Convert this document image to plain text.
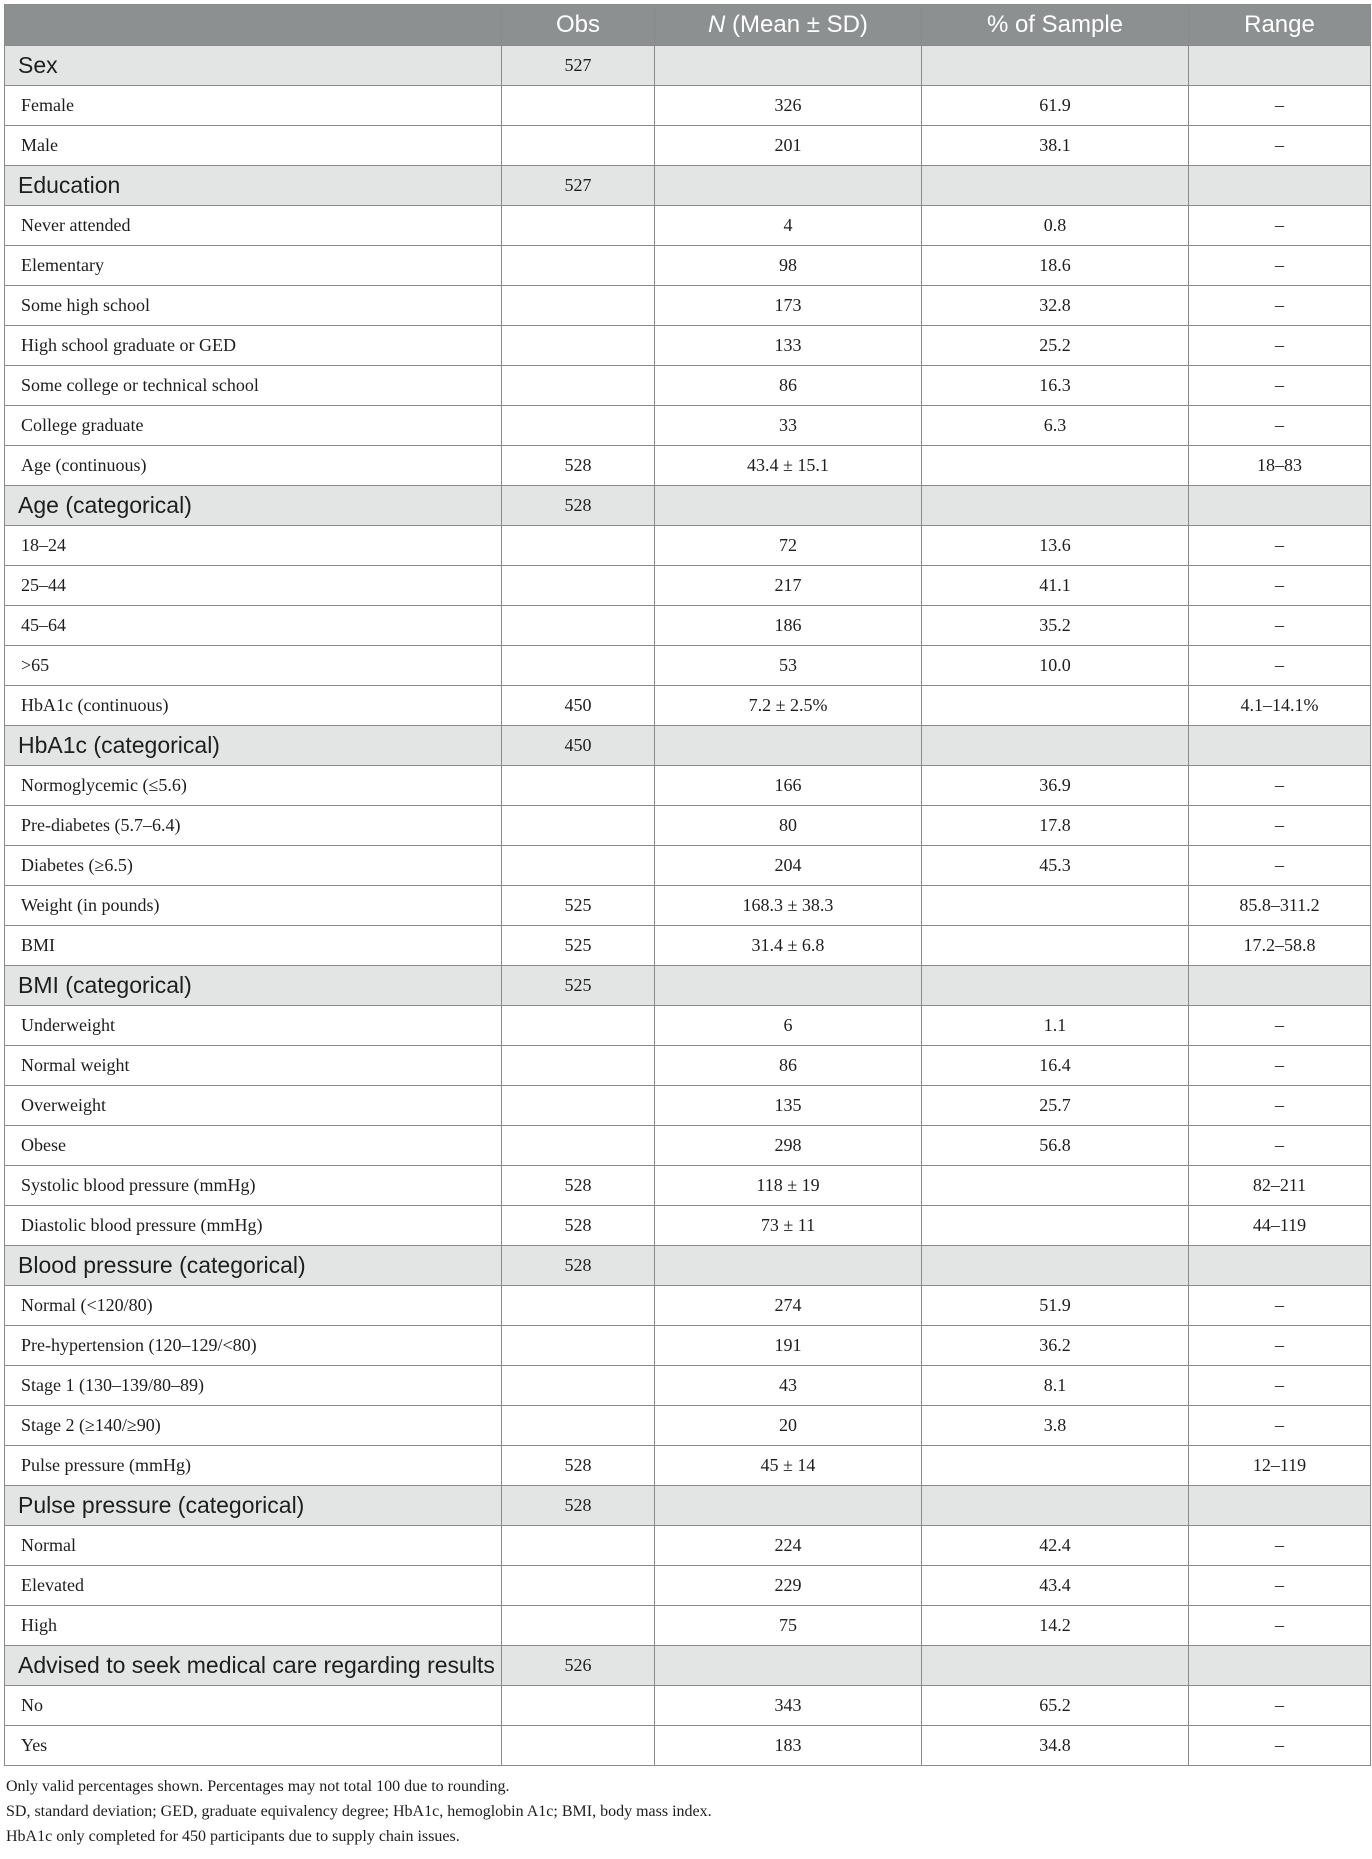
	Obs	N (Mean ± SD)	% of Sample	Range
Sex	527			
Female		326	61.9	–
Male		201	38.1	–
Education	527			
Never attended		4	0.8	–
Elementary		98	18.6	–
Some high school		173	32.8	–
High school graduate or GED		133	25.2	–
Some college or technical school		86	16.3	–
College graduate		33	6.3	–
Age (continuous)	528	43.4 ± 15.1		18–83
Age (categorical)	528			
18–24		72	13.6	–
25–44		217	41.1	–
45–64		186	35.2	–
>65		53	10.0	–
HbA1c (continuous)	450	7.2 ± 2.5%		4.1–14.1%
HbA1c (categorical)	450			
Normoglycemic (≤5.6)		166	36.9	–
Pre-diabetes (5.7–6.4)		80	17.8	–
Diabetes (≥6.5)		204	45.3	–
Weight (in pounds)	525	168.3 ± 38.3		85.8–311.2
BMI	525	31.4 ± 6.8		17.2–58.8
BMI (categorical)	525			
Underweight		6	1.1	–
Normal weight		86	16.4	–
Overweight		135	25.7	–
Obese		298	56.8	–
Systolic blood pressure (mmHg)	528	118 ± 19		82–211
Diastolic blood pressure (mmHg)	528	73 ± 11		44–119
Blood pressure (categorical)	528			
Normal (<120/80)		274	51.9	–
Pre-hypertension (120–129/<80)		191	36.2	–
Stage 1 (130–139/80–89)		43	8.1	–
Stage 2 (≥140/≥90)		20	3.8	–
Pulse pressure (mmHg)	528	45 ± 14		12–119
Pulse pressure (categorical)	528			
Normal		224	42.4	–
Elevated		229	43.4	–
High		75	14.2	–
Advised to seek medical care regarding results	526			
No		343	65.2	–
Yes		183	34.8	–
Only valid percentages shown. Percentages may not total 100 due to rounding.
SD, standard deviation; GED, graduate equivalency degree; HbA1c, hemoglobin A1c; BMI, body mass index.
HbA1c only completed for 450 participants due to supply chain issues.
